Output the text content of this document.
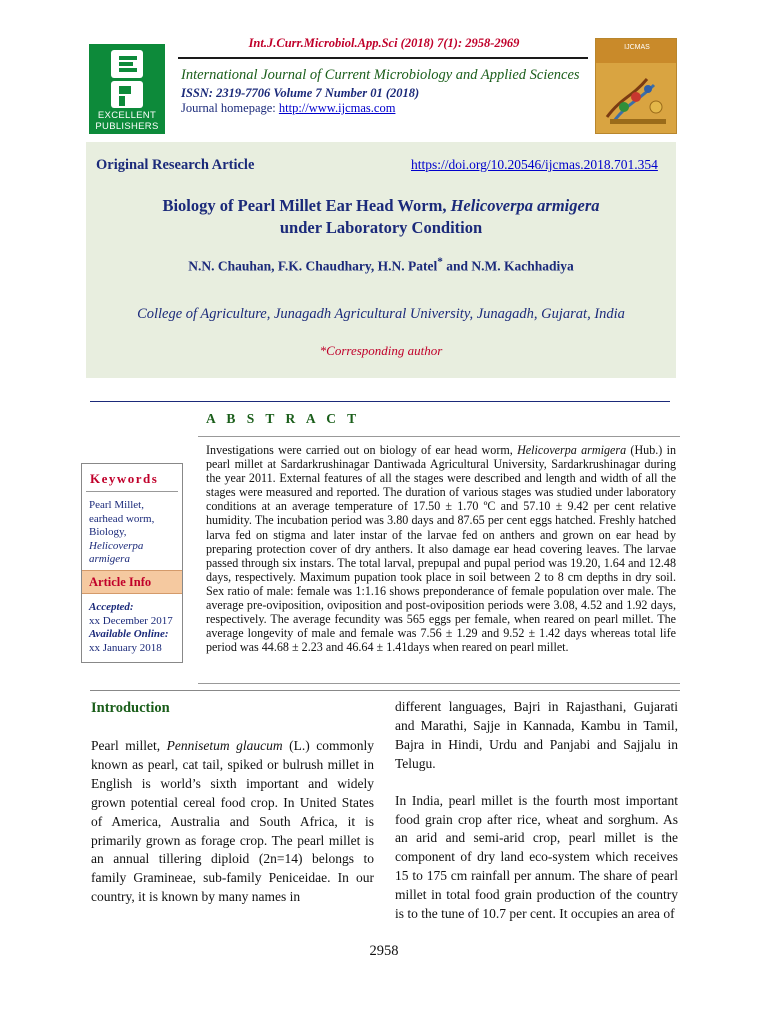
Int.J.Curr.Microbiol.App.Sci (2018) 7(1): 2958-2969
EXCELLENT
PUBLISHERS
International Journal of Current Microbiology and Applied Sciences
ISSN: 2319-7706 Volume 7 Number 01 (2018)
Journal homepage: http://www.ijcmas.com
IJCMAS
Original Research Article	https://doi.org/10.20546/ijcmas.2018.701.354
Biology of Pearl Millet Ear Head Worm, Helicoverpa armigera
under Laboratory Condition
N.N. Chauhan, F.K. Chaudhary, H.N. Patel* and N.M. Kachhadiya
College of Agriculture, Junagadh Agricultural University, Junagadh, Gujarat, India
*Corresponding author
A B S T R A C T

Investigations were carried out on biology of ear head worm, Helicoverpa armigera (Hub.) in pearl millet at Sardarkrushinagar Dantiwada Agricultural University, Sardarkrushinagar during the year 2011. External features of all the stages were described and length and width of all the stages were measured and reported. The duration of various stages was studied under laboratory conditions at an average temperature of 17.50 ± 1.70 ºC and 57.10 ± 9.42 per cent relative humidity. The incubation period was 3.80 days and 87.65 per cent eggs hatched. Freshly hatched larva fed on stigma and later instar of the larvae fed on anthers and grown on ear head by preparing protection cover of dry anthers. It also damage ear head covering leaves. The larvae passed through six instars. The total larval, prepupal and pupal period was 19.20, 1.64 and 12.48 days, respectively. Maximum pupation took place in soil between 2 to 8 cm depths in dry soil. Sex ratio of male: female was 1:1.16 shows preponderance of female population over male. The average pre-oviposition, oviposition and post-oviposition periods were 3.08, 4.52 and 1.92 days, respectively. The average fecundity was 565 eggs per female, when reared on pearl millet. The average longevity of male and female was 7.56 ± 1.29 and 9.52 ± 1.42 days whereas total life period was 44.68 ± 2.23 and 46.64 ± 1.41days when reared on pearl millet.

Keywords
Pearl Millet,
earhead worm,
Biology,
Helicoverpa
armigera
Article Info
Accepted:
xx December 2017
Available Online:
xx January 2018
Introduction

Pearl millet, Pennisetum glaucum (L.) commonly known as pearl, cat tail, spiked or bulrush millet in English is world’s sixth important and widely grown potential cereal food crop. In United States of America, Australia and South Africa, it is primarily grown as forage crop. The pearl millet is an annual tillering diploid (2n=14) belongs to family Gramineae, sub-family Peniceidae. In our country, it is known by many names in

different languages, Bajri in Rajasthani, Gujarati and Marathi, Sajje in Kannada, Kambu in Tamil, Bajra in Hindi, Urdu and Panjabi and Sajjalu in Telugu.

In India, pearl millet is the fourth most important food grain crop after rice, wheat and sorghum. As an arid and semi-arid crop, pearl millet is the component of dry land eco-system which receives 15 to 175 cm rainfall per annum. The share of pearl millet in total food grain production of the country is to the tune of 10.7 per cent. It occupies an area of

2958
